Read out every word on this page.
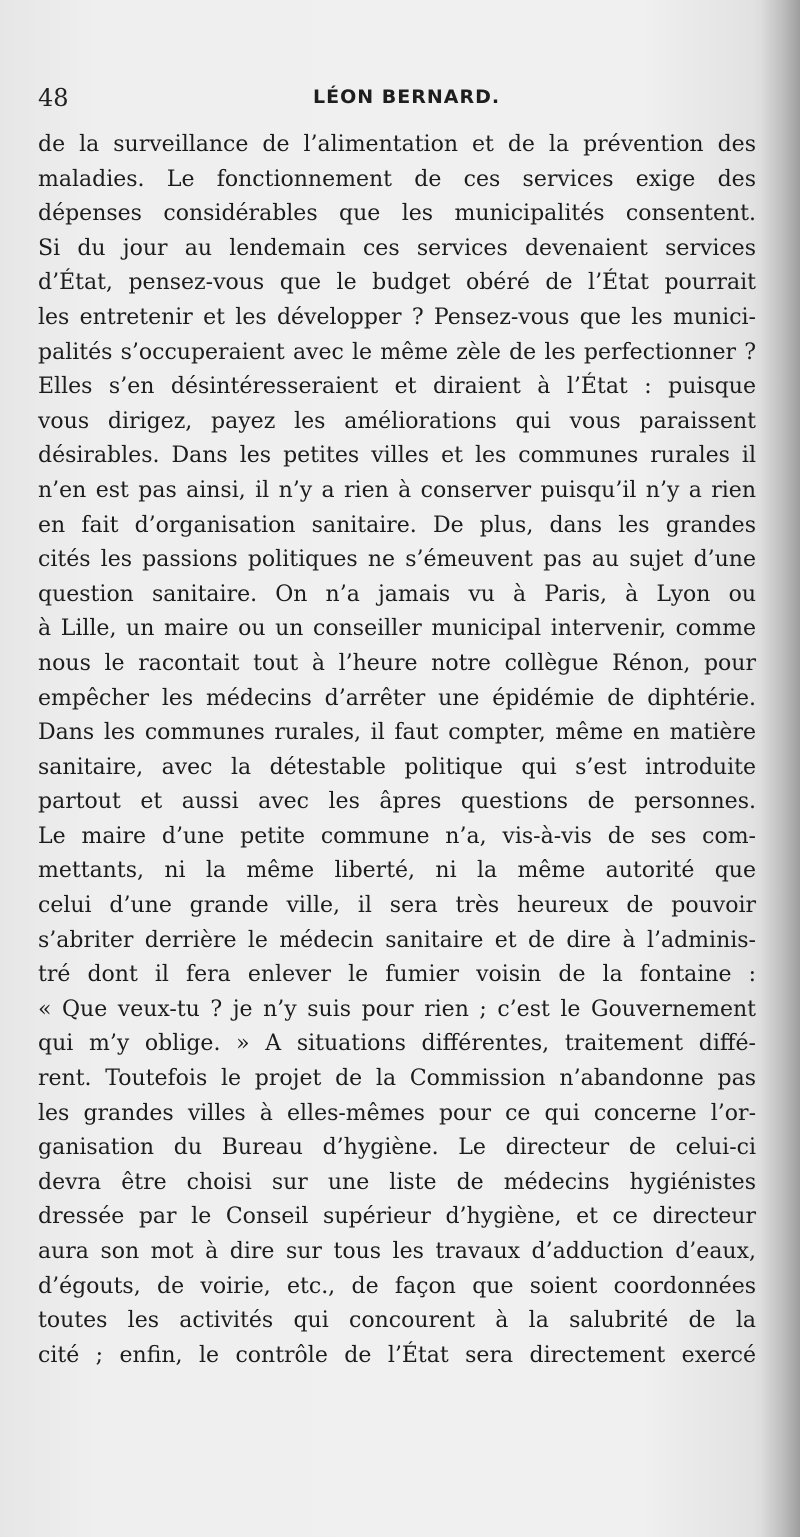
48	LÉON BERNARD.
de la surveillance de l’alimentation et de la prévention des
maladies. Le fonctionnement de ces services exige des
dépenses considérables que les municipalités consentent.
Si du jour au lendemain ces services devenaient services
d’État, pensez-vous que le budget obéré de l’État pourrait
les entretenir et les développer ? Pensez-vous que les munici-
palités s’occuperaient avec le même zèle de les perfectionner ?
Elles s’en désintéresseraient et diraient à l’État : puisque
vous dirigez, payez les améliorations qui vous paraissent
désirables. Dans les petites villes et les communes rurales il
n’en est pas ainsi, il n’y a rien à conserver puisqu’il n’y a rien
en fait d’organisation sanitaire. De plus, dans les grandes
cités les passions politiques ne s’émeuvent pas au sujet d’une
question sanitaire. On n’a jamais vu à Paris, à Lyon ou
à Lille, un maire ou un conseiller municipal intervenir, comme
nous le racontait tout à l’heure notre collègue Rénon, pour
empêcher les médecins d’arrêter une épidémie de diphtérie.
Dans les communes rurales, il faut compter, même en matière
sanitaire, avec la détestable politique qui s’est introduite
partout et aussi avec les âpres questions de personnes.
Le maire d’une petite commune n’a, vis-à-vis de ses com-
mettants, ni la même liberté, ni la même autorité que
celui d’une grande ville, il sera très heureux de pouvoir
s’abriter derrière le médecin sanitaire et de dire à l’adminis-
tré dont il fera enlever le fumier voisin de la fontaine :
« Que veux-tu ? je n’y suis pour rien ; c’est le Gouvernement
qui m’y oblige. » A situations différentes, traitement diffé-
rent. Toutefois le projet de la Commission n’abandonne pas
les grandes villes à elles-mêmes pour ce qui concerne l’or-
ganisation du Bureau d’hygiène. Le directeur de celui-ci
devra être choisi sur une liste de médecins hygiénistes
dressée par le Conseil supérieur d’hygiène, et ce directeur
aura son mot à dire sur tous les travaux d’adduction d’eaux,
d’égouts, de voirie, etc., de façon que soient coordonnées
toutes les activités qui concourent à la salubrité de la
cité ; enfin, le contrôle de l’État sera directement exercé
